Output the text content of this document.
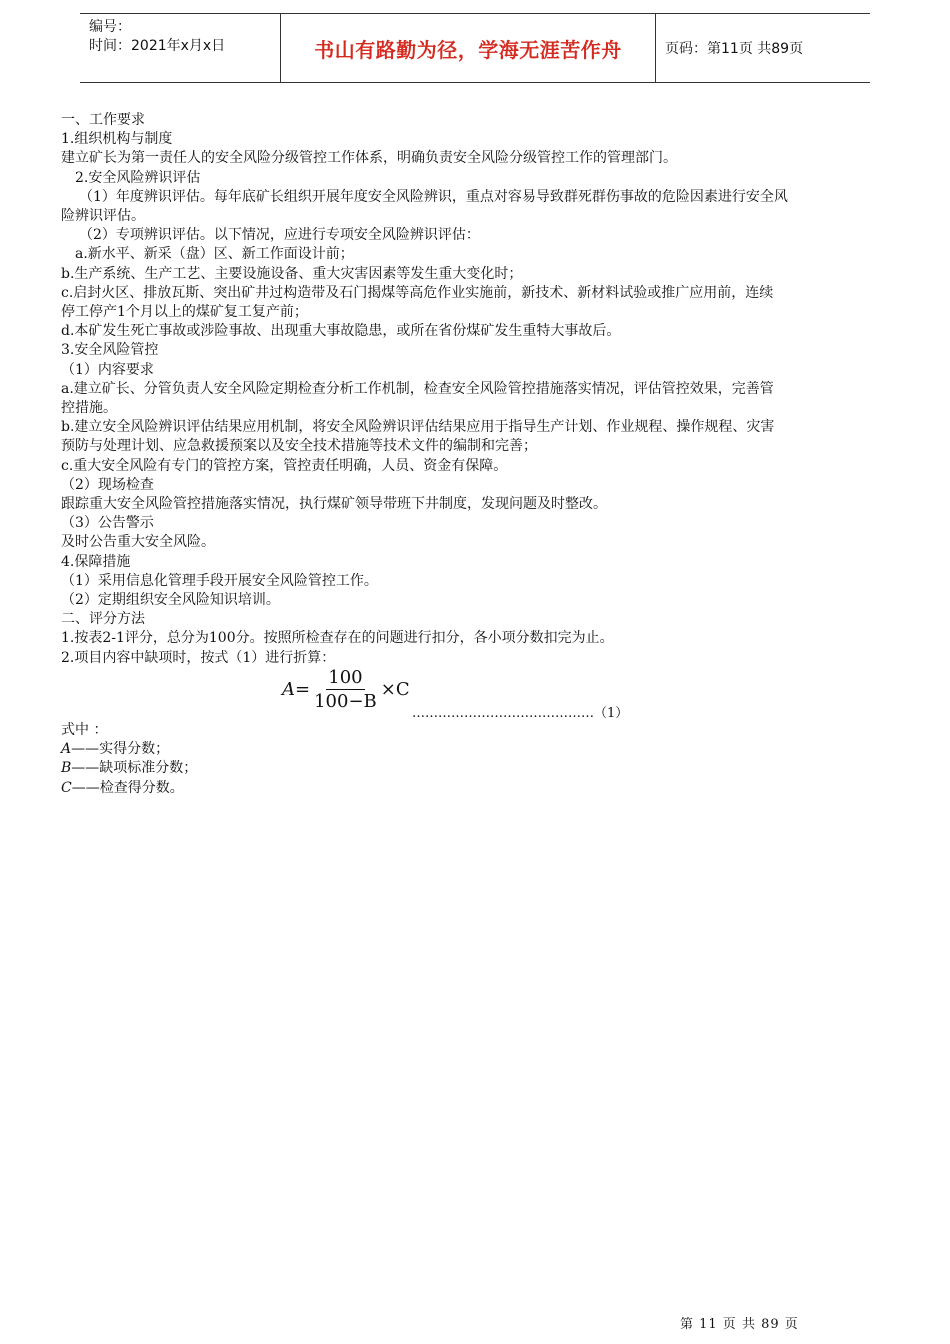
编号：
时间：2021年x月x日	书山有路勤为径，学海无涯苦作舟	页码：第11页 共89页

一、工作要求

1.组织机构与制度

建立矿长为第一责任人的安全风险分级管控工作体系，明确负责安全风险分级管控工作的管理部门。

2.安全风险辨识评估

（1）年度辨识评估。每年底矿长组织开展年度安全风险辨识，重点对容易导致群死群伤事故的危险因素进行安全风

险辨识评估。

（2）专项辨识评估。以下情况，应进行专项安全风险辨识评估：

a.新水平、新采（盘）区、新工作面设计前；

b.生产系统、生产工艺、主要设施设备、重大灾害因素等发生重大变化时；

c.启封火区、排放瓦斯、突出矿井过构造带及石门揭煤等高危作业实施前，新技术、新材料试验或推广应用前，连续

停工停产1个月以上的煤矿复工复产前；

d.本矿发生死亡事故或涉险事故、出现重大事故隐患，或所在省份煤矿发生重特大事故后。

3.安全风险管控

（1）内容要求

a.建立矿长、分管负责人安全风险定期检查分析工作机制，检查安全风险管控措施落实情况，评估管控效果，完善管

控措施。

b.建立安全风险辨识评估结果应用机制，将安全风险辨识评估结果应用于指导生产计划、作业规程、操作规程、灾害

预防与处理计划、应急救援预案以及安全技术措施等技术文件的编制和完善；

c.重大安全风险有专门的管控方案，管控责任明确，人员、资金有保障。

（2）现场检查

跟踪重大安全风险管控措施落实情况，执行煤矿领导带班下井制度，发现问题及时整改。

（3）公告警示

及时公告重大安全风险。

4.保障措施

（1）采用信息化管理手段开展安全风险管控工作。

（2）定期组织安全风险知识培训。

二、评分方法

1.按表2-1评分，总分为100分。按照所检查存在的问题进行扣分，各小项分数扣完为止。

2.项目内容中缺项时，按式（1）进行折算：

$A = \frac{100}{100-B} \times C$
……………………………………（1）

式中 ：

A——实得分数；

B——缺项标准分数；

C——检查得分数。

第 11 页 共 89 页
